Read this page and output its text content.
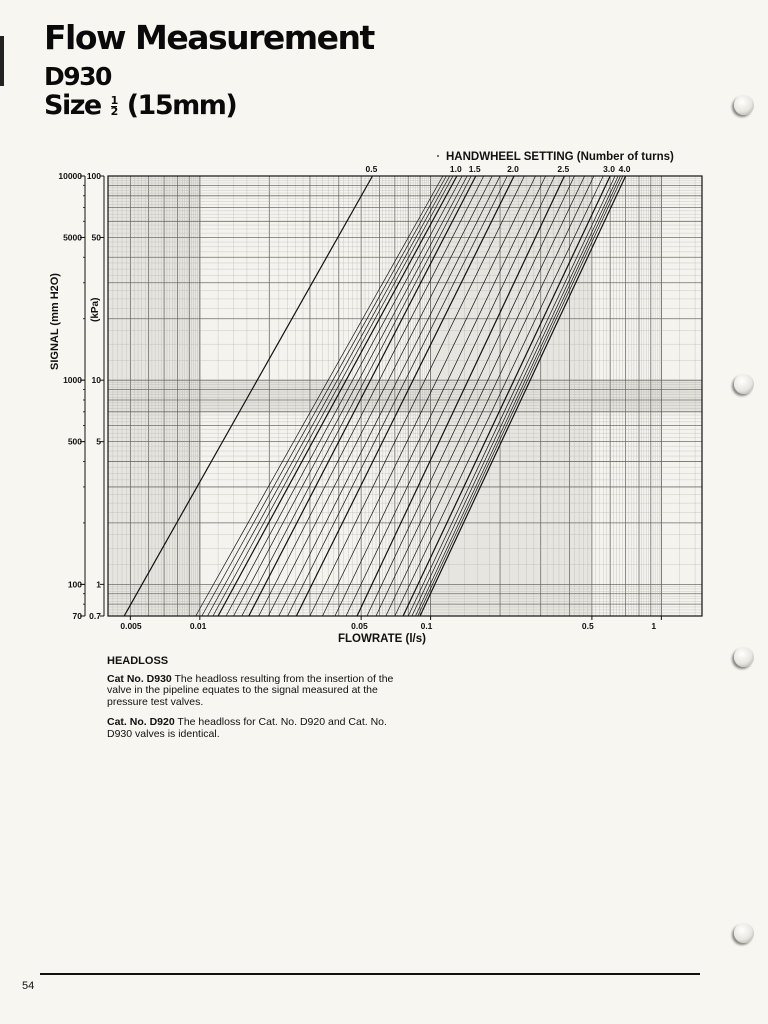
Flow Measurement
D930
Size $\frac{1}{2} (15mm)$
0.5	1.0 1.5	2.0	2.5	3.0 4.0
HANDWHEEL SETTING (Number of turns)
0.005	0.01	0.05	0.1	0.5	1
FLOWRATE (l/s)
70
100
500
1000
5000
10000
0.7
1
5
10
50
100
SIGNAL (mm H2O)	(kPa)
HEADLOSS

Cat No. D930 The headloss resulting from the insertion of the valve in the pipeline equates to the signal measured at the pressure test valves.

Cat. No. D920 The headloss for Cat. No. D920 and Cat. No. D930 valves is identical.

54
